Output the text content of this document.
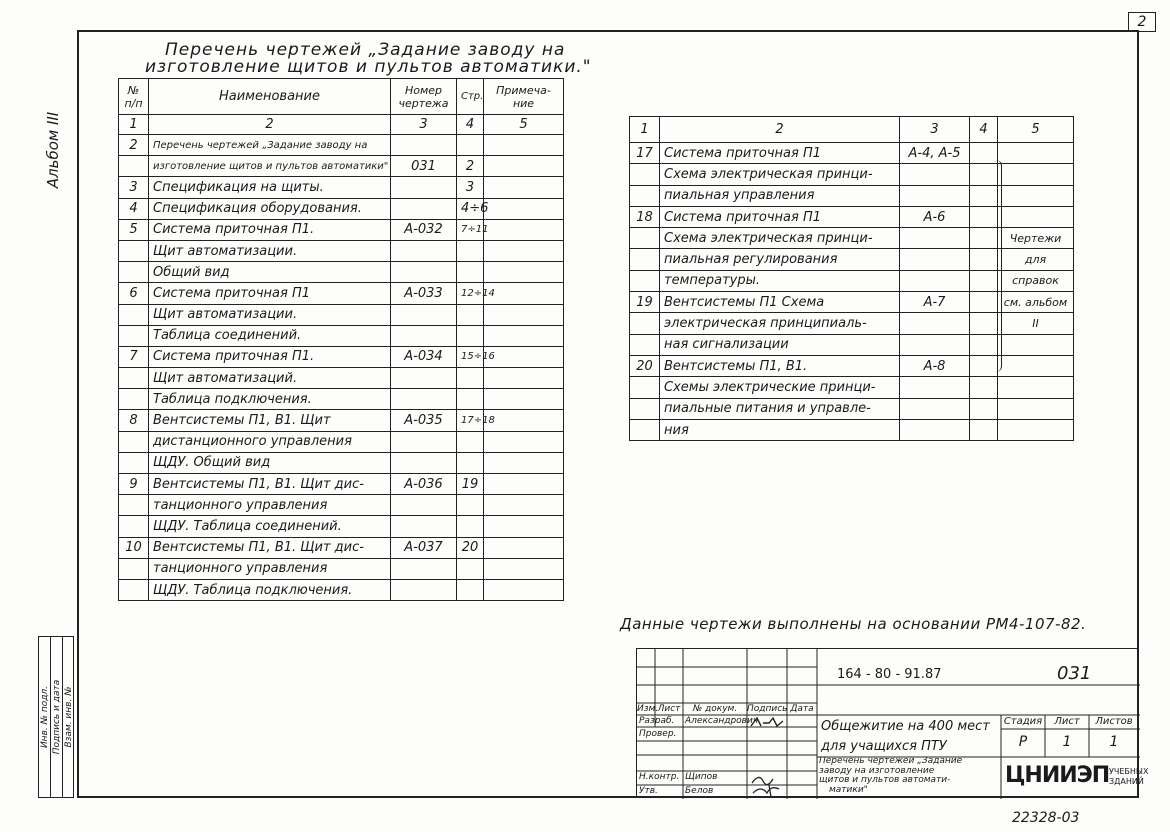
2
Альбом III
Инв. № подл. Подпись и дата Взам. инв. №
Перечень чертежей „Задание заводу на
изготовление щитов и пультов автоматики."
№ п/п	Наименование	Номер чертежа	Стр.	Примеча-ние
1	2	3	4	5
2	Перечень чертежей „Задание заводу на			
	изготовление щитов и пультов автоматики"	031	2	
3	Спецификация на щиты.		3	
4	Спецификация оборудования.		4÷6	
5	Система приточная П1.	А-032	7÷11	
	Щит автоматизации.			
	Общий вид			
6	Система приточная П1	А-033	12÷14	
	Щит автоматизации.			
	Таблица соединений.			
7	Система приточная П1.	А-034	15÷16	
	Щит автоматизаций.			
	Таблица подключения.			
8	Вентсистемы П1, В1. Щит	А-035	17÷18	
	дистанционного управления			
	ЩДУ. Общий вид			
9	Вентсистемы П1, В1. Щит дис-	А-036	19	
	танционного управления			
	ЩДУ. Таблица соединений.			
10	Вентсистемы П1, В1. Щит дис-	А-037	20	
	танционного управления			
	ЩДУ. Таблица подключения.			
1	2	3	4	5
17	Система приточная П1	А-4, А-5		
	Схема электрическая принци-			
	пиальная управления			
18	Система приточная П1	А-6		
	Схема электрическая принци-			Чертежи
	пиальная регулирования			для
	температуры.			справок
19	Вентсистемы П1 Схема	А-7		см. альбом
	электрическая принципиаль-			II
	ная сигнализации			
20	Вентсистемы П1, В1.	А-8		
	Схемы электрические принци-			
	пиальные питания и управле-			
	ния			
Данные чертежи выполнены на основании РМ4-107-82.
164 - 80 - 91.87	031
Изм. Лист	№ докум.	Подпись Дата
Разраб. Александрович
Провер.
Н.контр. Щипов
Утв.	Белов
Общежитие на 400 мест
для учащихся ПТУ
Стадия	Лист	Листов
Р	1	1
Перечень чертежей „Задание
заводу на изготовление
щитов и пультов автомати-
матики"
ЦНИИЭП УЧЕБНЫХ
ЗДАНИЙ
22328-03
